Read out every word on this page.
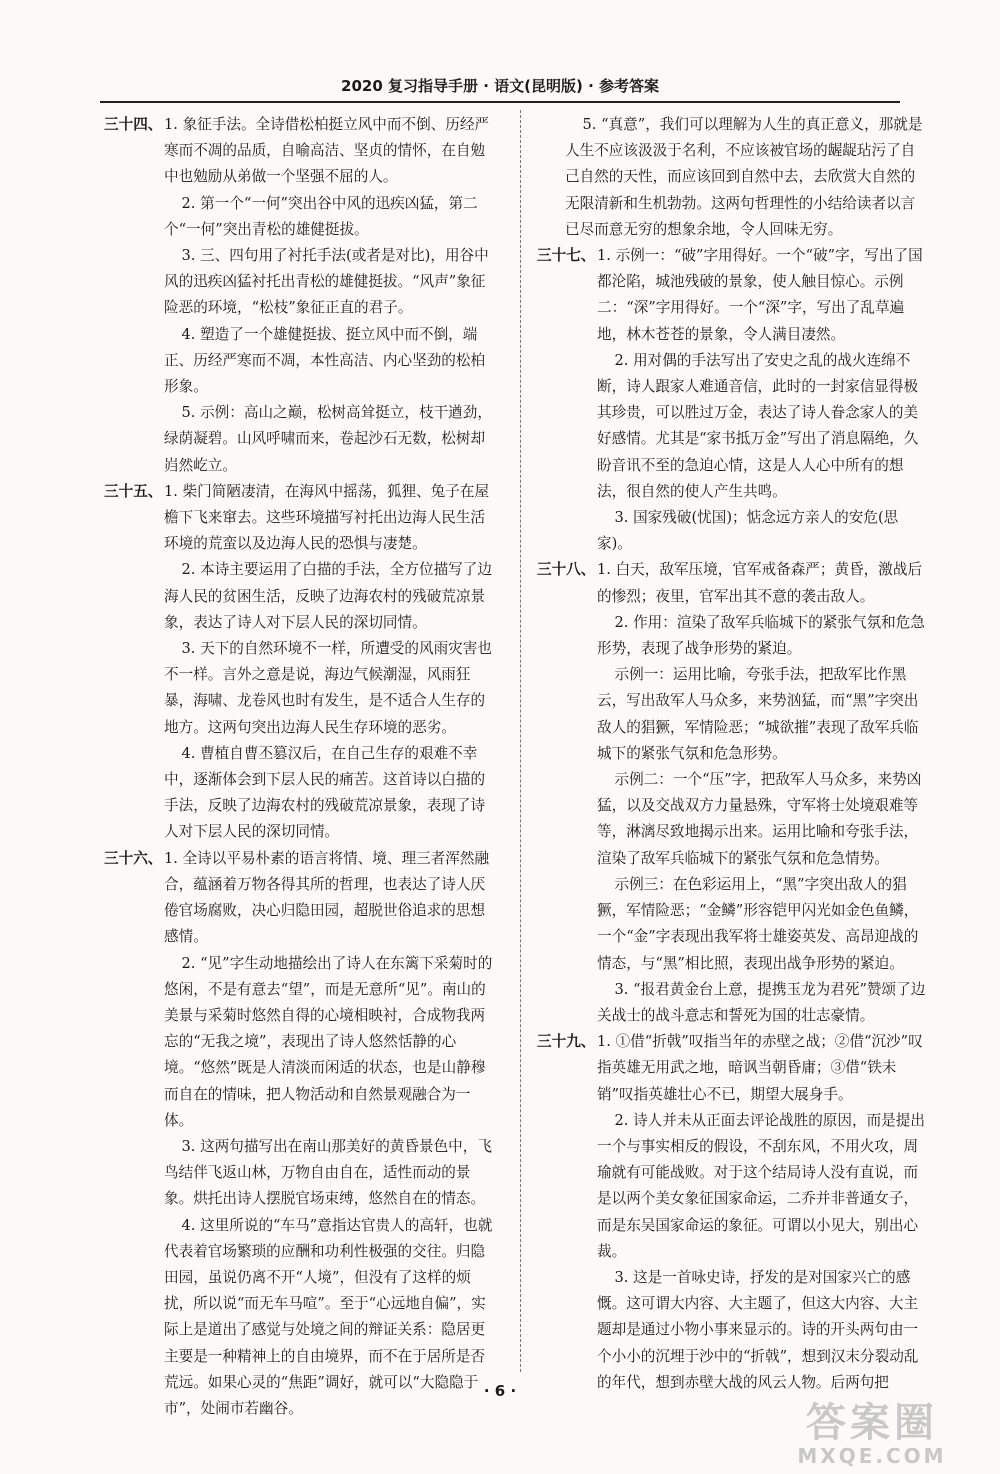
2020 复习指导手册 · 语文(昆明版) · 参考答案
三十四、 1. 象征手法。全诗借松柏挺立风中而不倒、历经严寒而不凋的品质，自喻高洁、坚贞的情怀，在自勉中也勉励从弟做一个坚强不屈的人。

2. 第一个“一何”突出谷中风的迅疾凶猛，第二个“一何”突出青松的雄健挺拔。

3. 三、四句用了衬托手法(或者是对比)，用谷中风的迅疾凶猛衬托出青松的雄健挺拔。“风声”象征险恶的环境，“松枝”象征正直的君子。

4. 塑造了一个雄健挺拔、挺立风中而不倒，端正、历经严寒而不凋，本性高洁、内心坚劲的松柏形象。

5. 示例：高山之巅，松树高耸挺立，枝干遒劲，绿荫凝碧。山风呼啸而来，卷起沙石无数，松树却岿然屹立。

三十五、 1. 柴门简陋凄清，在海风中摇荡，狐狸、兔子在屋檐下飞来窜去。这些环境描写衬托出边海人民生活环境的荒蛮以及边海人民的恐惧与凄楚。

2. 本诗主要运用了白描的手法，全方位描写了边海人民的贫困生活，反映了边海农村的残破荒凉景象，表达了诗人对下层人民的深切同情。

3. 天下的自然环境不一样，所遭受的风雨灾害也不一样。言外之意是说，海边气候潮湿，风雨狂暴，海啸、龙卷风也时有发生，是不适合人生存的地方。这两句突出边海人民生存环境的恶劣。

4. 曹植自曹丕篡汉后，在自己生存的艰难不幸中，逐渐体会到下层人民的痛苦。这首诗以白描的手法，反映了边海农村的残破荒凉景象，表现了诗人对下层人民的深切同情。

三十六、 1. 全诗以平易朴素的语言将情、境、理三者浑然融合，蕴涵着万物各得其所的哲理，也表达了诗人厌倦官场腐败，决心归隐田园，超脱世俗追求的思想感情。

2. “见”字生动地描绘出了诗人在东篱下采菊时的悠闲，不是有意去“望”，而是无意所“见”。南山的美景与采菊时悠然自得的心境相映衬，合成物我两忘的“无我之境”，表现出了诗人悠然恬静的心境。“悠然”既是人清淡而闲适的状态，也是山静穆而自在的情味，把人物活动和自然景观融合为一体。

3. 这两句描写出在南山那美好的黄昏景色中，飞鸟结伴飞返山林，万物自由自在，适性而动的景象。烘托出诗人摆脱官场束缚，悠然自在的情态。

4. 这里所说的“车马”意指达官贵人的高轩，也就代表着官场繁琐的应酬和功利性极强的交往。归隐田园，虽说仍离不开“人境”，但没有了这样的烦扰，所以说“而无车马喧”。至于“心远地自偏”，实际上是道出了感觉与处境之间的辩证关系：隐居更主要是一种精神上的自由境界，而不在于居所是否荒远。如果心灵的“焦距”调好，就可以“大隐隐于市”，处闹市若幽谷。

5. “真意”，我们可以理解为人生的真正意义，那就是人生不应该汲汲于名利，不应该被官场的龌龊玷污了自己自然的天性，而应该回到自然中去，去欣赏大自然的无限清新和生机勃勃。这两句哲理性的小结给读者以言已尽而意无穷的想象余地，令人回味无穷。

三十七、 1. 示例一：“破”字用得好。一个“破”字，写出了国都沦陷，城池残破的景象，使人触目惊心。示例二：“深”字用得好。一个“深”字，写出了乱草遍地，林木苍苍的景象，令人满目凄然。

2. 用对偶的手法写出了安史之乱的战火连绵不断，诗人跟家人难通音信，此时的一封家信显得极其珍贵，可以胜过万金，表达了诗人眷念家人的美好感情。尤其是“家书抵万金”写出了消息隔绝，久盼音讯不至的急迫心情，这是人人心中所有的想法，很自然的使人产生共鸣。

3. 国家残破(忧国)；惦念远方亲人的安危(思家)。

三十八、 1. 白天，敌军压境，官军戒备森严；黄昏，激战后的惨烈；夜里，官军出其不意的袭击敌人。

2. 作用：渲染了敌军兵临城下的紧张气氛和危急形势，表现了战争形势的紧迫。

示例一：运用比喻，夸张手法，把敌军比作黑云，写出敌军人马众多，来势汹猛，而“黑”字突出敌人的猖獗，军情险恶；“城欲摧”表现了敌军兵临城下的紧张气氛和危急形势。

示例二：一个“压”字，把敌军人马众多，来势凶猛，以及交战双方力量悬殊，守军将士处境艰难等等，淋漓尽致地揭示出来。运用比喻和夸张手法，渲染了敌军兵临城下的紧张气氛和危急情势。

示例三：在色彩运用上，“黑”字突出敌人的猖獗，军情险恶；“金鳞”形容铠甲闪光如金色鱼鳞，一个“金”字表现出我军将士雄姿英发、高昂迎战的情态，与“黑”相比照，表现出战争形势的紧迫。

3. “报君黄金台上意，提携玉龙为君死”赞颂了边关战士的战斗意志和誓死为国的壮志豪情。

三十九、 1. ①借“折戟”叹指当年的赤壁之战；②借“沉沙”叹指英雄无用武之地，暗讽当朝昏庸；③借“铁未销”叹指英雄壮心不已，期望大展身手。

2. 诗人并未从正面去评论战胜的原因，而是提出一个与事实相反的假设，不刮东风，不用火攻，周瑜就有可能战败。对于这个结局诗人没有直说，而是以两个美女象征国家命运，二乔并非普通女子，而是东吴国家命运的象征。可谓以小见大，别出心裁。

3. 这是一首咏史诗，抒发的是对国家兴亡的感慨。这可谓大内容、大主题了，但这大内容、大主题却是通过小物小事来显示的。诗的开头两句由一个小小的沉埋于沙中的“折戟”，想到汉末分裂动乱的年代，想到赤壁大战的风云人物。后两句把

· 6 ·
答案圈
MXQE.COM
